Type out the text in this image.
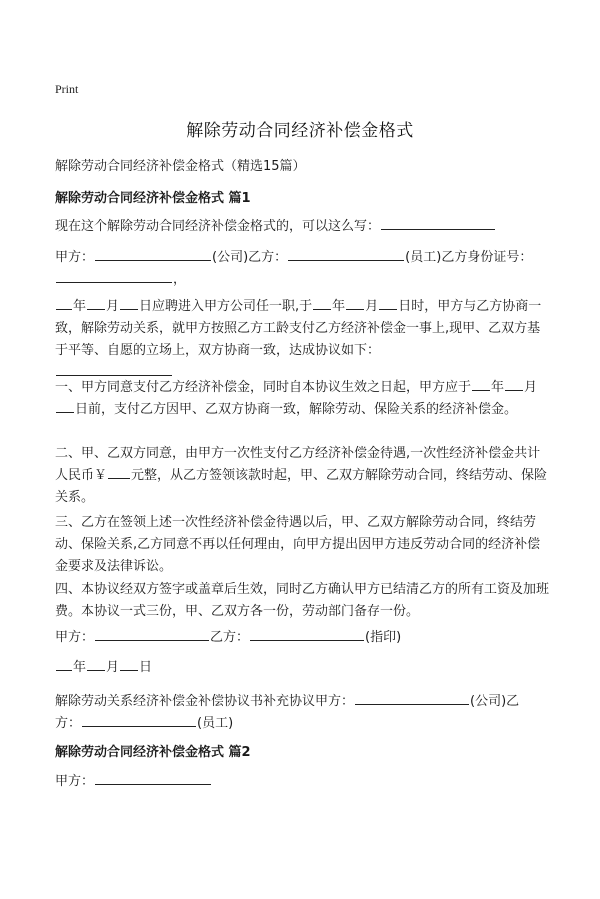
Print
解除劳动合同经济补偿金格式
解除劳动合同经济补偿金格式（精选15篇）
解除劳动合同经济补偿金格式 篇1

现在这个解除劳动合同经济补偿金格式的，可以这么写：

甲方：	(公司)乙方：	(员工)乙方身份证号：
，

年 月 日应聘进入甲方公司任一职,于 年 月 日时，甲方与乙方协商一致，解除劳动关系，就甲方按照乙方工龄支付乙方经济补偿金一事上,现甲、乙双方基于平等、自愿的立场上，双方协商一致，达成协议如下：

一、甲方同意支付乙方经济补偿金，同时自本协议生效之日起，甲方应于 年 月日前，支付乙方因甲、乙双方协商一致，解除劳动、保险关系的经济补偿金。

二、甲、乙双方同意，由甲方一次性支付乙方经济补偿金待遇,一次性经济补偿金共计人民币￥ 元整，从乙方签领该款时起，甲、乙双方解除劳动合同，终结劳动、保险关系。

三、乙方在签领上述一次性经济补偿金待遇以后，甲、乙双方解除劳动合同，终结劳动、保险关系,乙方同意不再以任何理由，向甲方提出因甲方违反劳动合同的经济补偿金要求及法律诉讼。

四、本协议经双方签字或盖章后生效，同时乙方确认甲方已结清乙方的所有工资及加班费。本协议一式三份，甲、乙双方各一份，劳动部门备存一份。

甲方：	乙方：	(指印)

年 月 日

解除劳动关系经济补偿金补偿协议书补充协议甲方：	(公司)乙
方：	(员工)

解除劳动合同经济补偿金格式 篇2

甲方：
